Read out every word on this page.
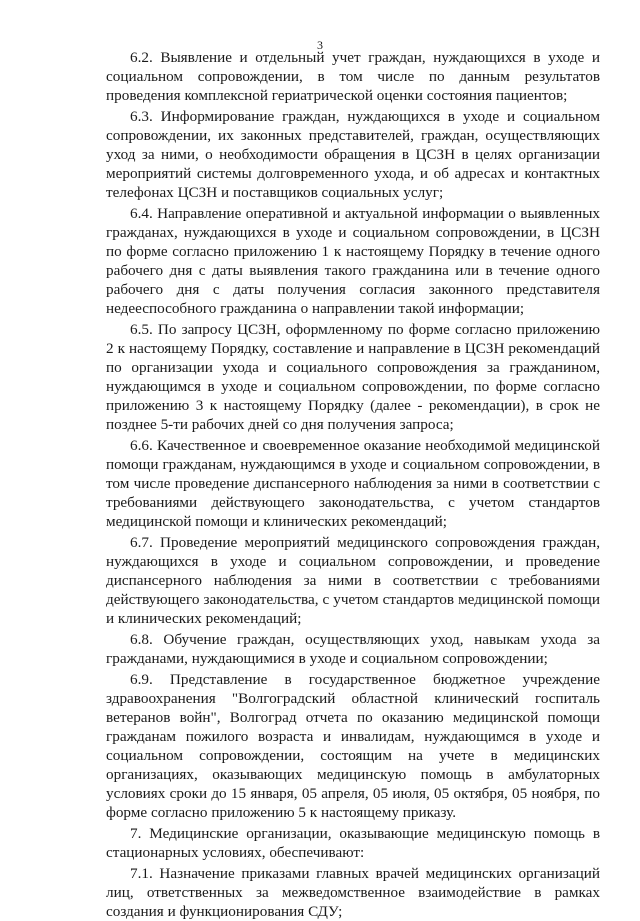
3

6.2. Выявление и отдельный учет граждан, нуждающихся в уходе и социальном сопровождении, в том числе по данным результатов проведения комплексной гериатрической оценки состояния пациентов;

6.3. Информирование граждан, нуждающихся в уходе и социальном сопровождении, их законных представителей, граждан, осуществляющих уход за ними, о необходимости обращения в ЦСЗН в целях организации мероприятий системы долговременного ухода, и об адресах и контактных телефонах ЦСЗН и поставщиков социальных услуг;

6.4. Направление оперативной и актуальной информации о выявленных гражданах, нуждающихся в уходе и социальном сопровождении, в ЦСЗН по форме согласно приложению 1 к настоящему Порядку в течение одного рабочего дня с даты выявления такого гражданина или в течение одного рабочего дня с даты получения согласия законного представителя недееспособного гражданина о направлении такой информации;

6.5. По запросу ЦСЗН, оформленному по форме согласно приложению 2 к настоящему Порядку, составление и направление в ЦСЗН рекомендаций по организации ухода и социального сопровождения за гражданином, нуждающимся в уходе и социальном сопровождении, по форме согласно приложению 3 к настоящему Порядку (далее - рекомендации), в срок не позднее 5-ти рабочих дней со дня получения запроса;

6.6. Качественное и своевременное оказание необходимой медицинской помощи гражданам, нуждающимся в уходе и социальном сопровождении, в том числе проведение диспансерного наблюдения за ними в соответствии с требованиями действующего законодательства, с учетом стандартов медицинской помощи и клинических рекомендаций;

6.7. Проведение мероприятий медицинского сопровождения граждан, нуждающихся в уходе и социальном сопровождении, и проведение диспансерного наблюдения за ними в соответствии с требованиями действующего законодательства, с учетом стандартов медицинской помощи и клинических рекомендаций;

6.8. Обучение граждан, осуществляющих уход, навыкам ухода за гражданами, нуждающимися в уходе и социальном сопровождении;

6.9. Представление в государственное бюджетное учреждение здравоохранения "Волгоградский областной клинический госпиталь ветеранов войн", Волгоград отчета по оказанию медицинской помощи гражданам пожилого возраста и инвалидам, нуждающимся в уходе и социальном сопровождении, состоящим на учете в медицинских организациях, оказывающих медицинскую помощь в амбулаторных условиях сроки до 15 января, 05 апреля, 05 июля, 05 октября, 05 ноября, по форме согласно приложению 5 к настоящему приказу.

7. Медицинские организации, оказывающие медицинскую помощь в стационарных условиях, обеспечивают:

7.1. Назначение приказами главных врачей медицинских организаций лиц, ответственных за межведомственное взаимодействие в рамках создания и функционирования СДУ;
